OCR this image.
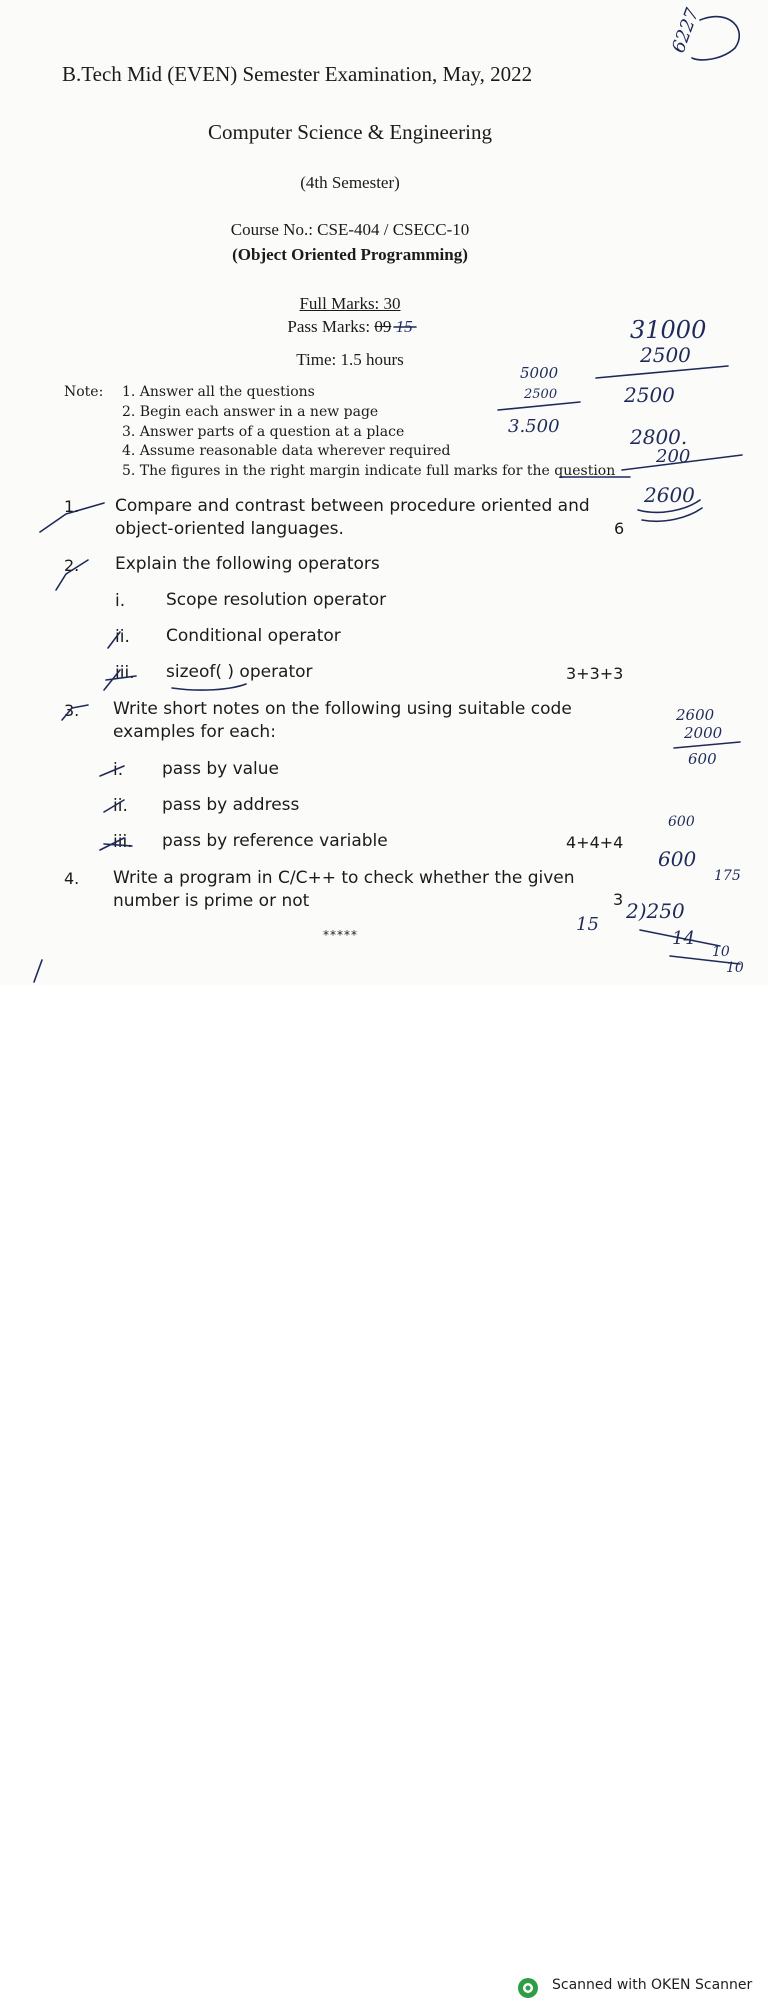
B.Tech Mid (EVEN) Semester Examination, May, 2022
Computer Science & Engineering
(4th Semester)
Course No.: CSE-404 / CSECC-10
(Object Oriented Programming)
Full Marks: 30
Pass Marks: 09 15
Time: 1.5 hours
Note: 1. Answer all the questions
2. Begin each answer in a new page
3. Answer parts of a question at a place
4. Assume reasonable data wherever required
5. The figures in the right margin indicate full marks for the question
1. Compare and contrast between procedure oriented and
object-oriented languages.	6
2. Explain the following operators
i. Scope resolution operator
ii. Conditional operator
iii. sizeof( ) operator	3+3+3
3. Write short notes on the following using suitable code
examples for each:
i. pass by value
ii. pass by address
iii. pass by reference variable	4+4+4
4. Write a program in C/C++ to check whether the given
number is prime or not	3
*****
6227
31000
2500
2500
2800.
200
2600
5000
2500
3.500
2600
2000
600
600
600
2)250
175
15
14
10
10
Scanned with OKEN Scanner
